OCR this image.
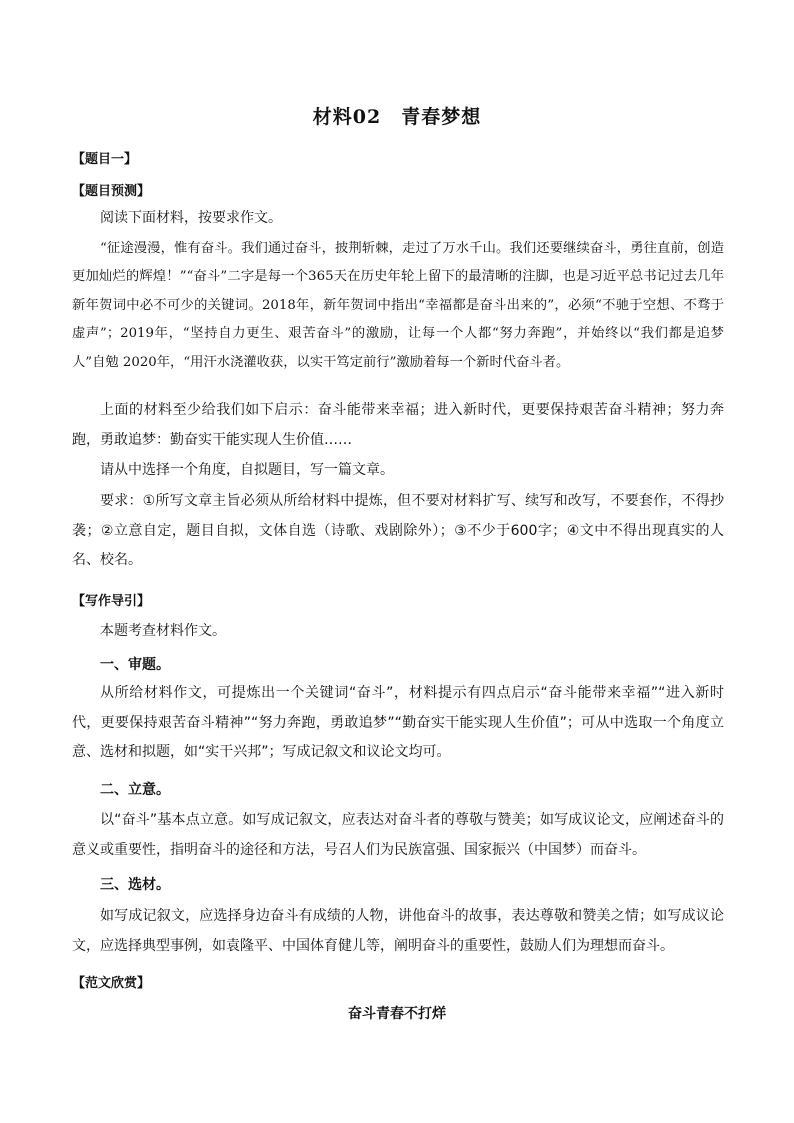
材料02　青春梦想
【题目一】
【题目预测】

阅读下面材料，按要求作文。

“征途漫漫，惟有奋斗。我们通过奋斗，披荆斩棘，走过了万水千山。我们还要继续奋斗，勇往直前，创造更加灿烂的辉煌！”“奋斗”二字是每一个365天在历史年轮上留下的最清晰的注脚，也是习近平总书记过去几年新年贺词中必不可少的关键词。2018年，新年贺词中指出“幸福都是奋斗出来的”，必须“不驰于空想、不骛于虚声”；2019年，“坚持自力更生、艰苦奋斗”的激励，让每一个人都“努力奔跑”，并始终以“我们都是追梦人”自勉 2020年，“用汗水浇灌收获，以实干笃定前行”激励着每一个新时代奋斗者。

上面的材料至少给我们如下启示：奋斗能带来幸福；进入新时代，更要保持艰苦奋斗精神；努力奔跑，勇敢追梦：勤奋实干能实现人生价值……

请从中选择一个角度，自拟题目，写一篇文章。

要求：①所写文章主旨必须从所给材料中提炼，但不要对材料扩写、续写和改写，不要套作，不得抄袭；②立意自定，题目自拟，文体自选（诗歌、戏剧除外）；③不少于600字；④文中不得出现真实的人名、校名。

【写作导引】

本题考查材料作文。

一、审题。

从所给材料作文，可提炼出一个关键词“奋斗”，材料提示有四点启示“奋斗能带来幸福”“进入新时代，更要保持艰苦奋斗精神”“努力奔跑，勇敢追梦”“勤奋实干能实现人生价值”；可从中选取一个角度立意、选材和拟题，如“实干兴邦”；写成记叙文和议论文均可。

二、立意。

以“奋斗”基本点立意。如写成记叙文，应表达对奋斗者的尊敬与赞美；如写成议论文，应阐述奋斗的意义或重要性，指明奋斗的途径和方法，号召人们为民族富强、国家振兴（中国梦）而奋斗。

三、选材。

如写成记叙文，应选择身边奋斗有成绩的人物，讲他奋斗的故事，表达尊敬和赞美之情；如写成议论文，应选择典型事例，如袁隆平、中国体育健儿等，阐明奋斗的重要性，鼓励人们为理想而奋斗。

【范文欣赏】
奋斗青春不打烊
